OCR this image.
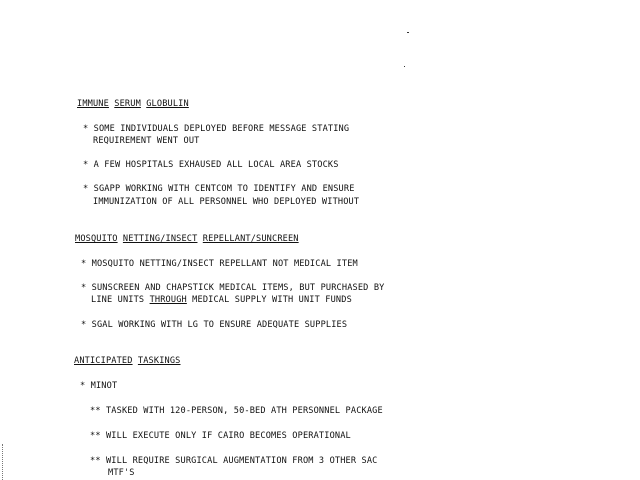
IMMUNE SERUM GLOBULIN
* SOME INDIVIDUALS DEPLOYED BEFORE MESSAGE STATING
REQUIREMENT WENT OUT
* A FEW HOSPITALS EXHAUSED ALL LOCAL AREA STOCKS
* SGAPP WORKING WITH CENTCOM TO IDENTIFY AND ENSURE
IMMUNIZATION OF ALL PERSONNEL WHO DEPLOYED WITHOUT
MOSQUITO NETTING/INSECT REPELLANT/SUNCREEN
* MOSQUITO NETTING/INSECT REPELLANT NOT MEDICAL ITEM
* SUNSCREEN AND CHAPSTICK MEDICAL ITEMS, BUT PURCHASED BY
LINE UNITS THROUGH MEDICAL SUPPLY WITH UNIT FUNDS
* SGAL WORKING WITH LG TO ENSURE ADEQUATE SUPPLIES
ANTICIPATED TASKINGS
* MINOT
** TASKED WITH 120-PERSON, 50-BED ATH PERSONNEL PACKAGE
** WILL EXECUTE ONLY IF CAIRO BECOMES OPERATIONAL
** WILL REQUIRE SURGICAL AUGMENTATION FROM 3 OTHER SAC
MTF'S
